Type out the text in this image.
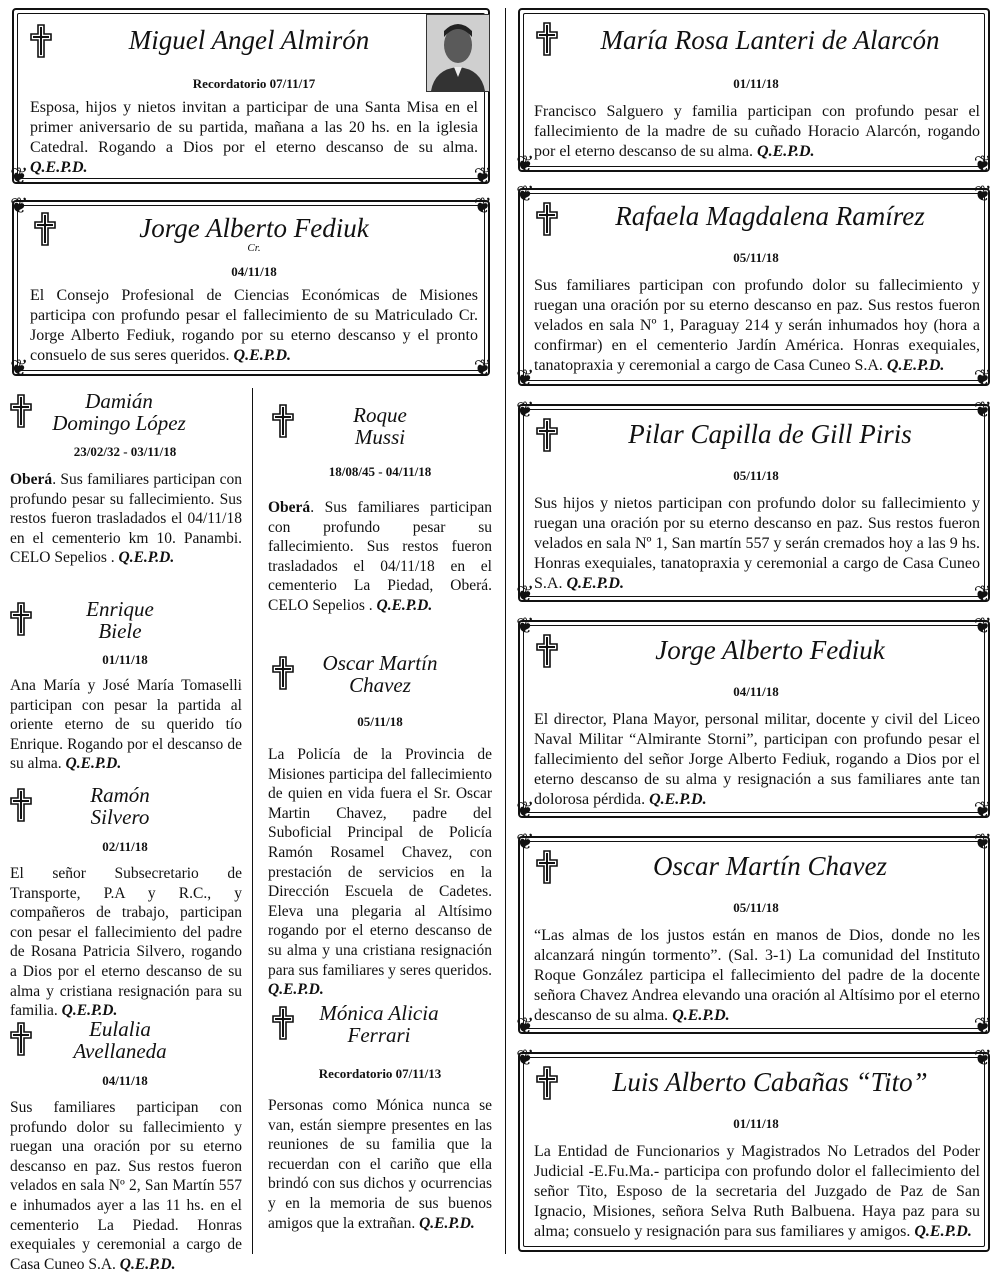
❦	❦
Miguel Angel Almirón
Recordatorio 07/11/17
Esposa, hijos y nietos invitan a participar de una Santa Misa en el primer aniversario de su partida, mañana a las 20 hs. en la iglesia Catedral. Rogando a Dios por el eterno descanso de su alma. Q.E.P.D.
❦	❦
❦	❦
Jorge Alberto Fediuk
Cr.
04/11/18
El Consejo Profesional de Ciencias Económicas de Misiones participa con profundo pesar el fallecimiento de su Matriculado Cr. Jorge Alberto Fediuk, rogando por su eterno descanso y el pronto consuelo de sus seres queridos. Q.E.P.D.
Damián Domingo López
23/02/32 - 03/11/18
Oberá. Sus familiares participan con profundo pesar su fallecimiento. Sus restos fueron trasladados el 04/11/18 en el cementerio km 10. Panambi. CELO Sepelios . Q.E.P.D.
Enrique Biele
01/11/18
Ana María y José María Tomaselli participan con pesar la partida al oriente eterno de su querido tío Enrique. Rogando por el descanso de su alma. Q.E.P.D.
Ramón Silvero
02/11/18
El señor Subsecretario de Transporte, P.A y R.C., y compañeros de trabajo, participan con pesar el fallecimiento del padre de Rosana Patricia Silvero, rogando a Dios por el eterno descanso de su alma y cristiana resignación para su familia. Q.E.P.D.
Eulalia Avellaneda
04/11/18
Sus familiares participan con profundo dolor su fallecimiento y ruegan una oración por su eterno descanso en paz. Sus restos fueron velados en sala Nº 2, San Martín 557 e inhumados ayer a las 11 hs. en el cementerio La Piedad. Honras exequiales y ceremonial a cargo de Casa Cuneo S.A. Q.E.P.D.
Roque Mussi
18/08/45 - 04/11/18
Oberá. Sus familiares participan con profundo pesar su fallecimiento. Sus restos fueron trasladados el 04/11/18 en el cementerio La Piedad, Oberá. CELO Sepelios . Q.E.P.D.
Oscar Martín Chavez
05/11/18
La Policía de la Provincia de Misiones participa del fallecimiento de quien en vida fuera el Sr. Oscar Martin Chavez, padre del Suboficial Principal de Policía Ramón Rosamel Chavez, con prestación de servicios en la Dirección Escuela de Cadetes. Eleva una plegaria al Altísimo rogando por el eterno descanso de su alma y una cristiana resignación para sus familiares y seres queridos. Q.E.P.D.
Mónica Alicia Ferrari
Recordatorio 07/11/13
Personas como Mónica nunca se van, están siempre presentes en las reuniones de su familia que la recuerdan con el cariño que ella brindó con sus dichos y ocurrencias y en la memoria de sus buenos amigos que la extrañan. Q.E.P.D.
❦	❦
María Rosa Lanteri de Alarcón
01/11/18
Francisco Salguero y familia participan con profundo pesar el fallecimiento de la madre de su cuñado Horacio Alarcón, rogando por el eterno descanso de su alma. Q.E.P.D.
❦	❦
❦	❦
Rafaela Magdalena Ramírez
05/11/18
Sus familiares participan con profundo dolor su fallecimiento y ruegan una oración por su eterno descanso en paz. Sus restos fueron velados en sala Nº 1, Paraguay 214 y serán inhumados hoy (hora a confirmar) en el cementerio Jardín América. Honras exequiales, tanatopraxia y ceremonial a cargo de Casa Cuneo S.A. Q.E.P.D.
❦	❦
❦	❦
Pilar Capilla de Gill Piris
05/11/18
Sus hijos y nietos participan con profundo dolor su fallecimiento y ruegan una oración por su eterno descanso en paz. Sus restos fueron velados en sala Nº 1, San martín 557 y serán cremados hoy a las 9 hs. Honras exequiales, tanatopraxia y ceremonial a cargo de Casa Cuneo S.A. Q.E.P.D.
❦	❦
❦	❦
Jorge Alberto Fediuk
04/11/18
El director, Plana Mayor, personal militar, docente y civil del Liceo Naval Militar “Almirante Storni”, participan con profundo pesar el fallecimiento del señor Jorge Alberto Fediuk, rogando a Dios por el eterno descanso de su alma y resignación a sus familiares ante tan dolorosa pérdida. Q.E.P.D.
❦	❦
❦	❦
Oscar Martín Chavez
05/11/18
“Las almas de los justos están en manos de Dios, donde no les alcanzará ningún tormento”. (Sal. 3-1) La comunidad del Instituto Roque González participa el fallecimiento del padre de la docente señora Chavez Andrea elevando una oración al Altísimo por el eterno descanso de su alma. Q.E.P.D.
❦	❦
Luis Alberto Cabañas “Tito”
01/11/18
La Entidad de Funcionarios y Magistrados No Letrados del Poder Judicial -E.Fu.Ma.- participa con profundo dolor el fallecimiento del señor Tito, Esposo de la secretaria del Juzgado de Paz de San Ignacio, Misiones, señora Selva Ruth Balbuena. Haya paz para su alma; consuelo y resignación para sus familiares y amigos. Q.E.P.D.
